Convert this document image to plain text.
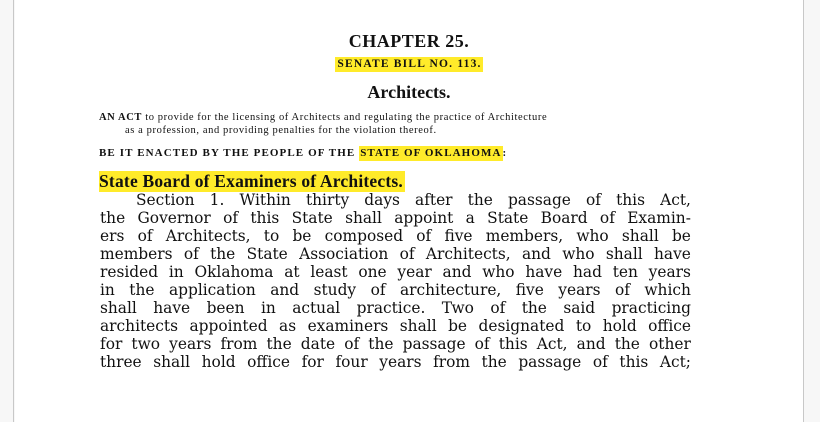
CHAPTER 25.
SENATE BILL NO. 113.
Architects.
AN ACT to provide for the licensing of Architects and regulating the practice of Architecture
as a profession, and providing penalties for the violation thereof.
BE IT ENACTED BY THE PEOPLE OF THE STATE OF OKLAHOMA:
State Board of Examiners of Architects.
Section 1. Within thirty days after the passage of this Act,
the Governor of this State shall appoint a State Board of Examin-
ers of Architects, to be composed of five members, who shall be
members of the State Association of Architects, and who shall have
resided in Oklahoma at least one year and who have had ten years
in the application and study of architecture, five years of which
shall have been in actual practice. Two of the said practicing
architects appointed as examiners shall be designated to hold office
for two years from the date of the passage of this Act, and the other
three shall hold office for four years from the passage of this Act;
